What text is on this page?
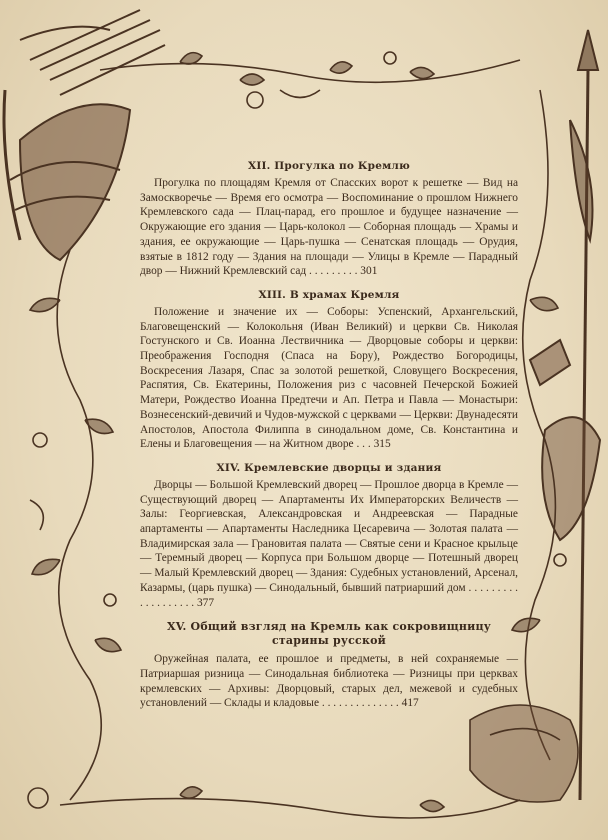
XII. Прогулка по Кремлю

Прогулка по площадям Кремля от Спасских ворот к решетке — Вид на Замоскворечье — Время его осмотра — Воспоминание о прошлом Нижнего Кремлевского сада — Плац-парад, его прошлое и будущее назначение — Окружающие его здания — Царь-колокол — Соборная площадь — Храмы и здания, ее окружающие — Царь-пушка — Сенатская площадь — Орудия, взятые в 1812 году — Здания на площади — Улицы в Кремле — Парадный двор — Нижний Кремлевский сад . . . . . . . . . 301

XIII. В храмах Кремля

Положение и значение их — Соборы: Успенский, Архангельский, Благовещенский — Колокольня (Иван Великий) и церкви Св. Николая Гостунского и Св. Иоанна Лествичника — Дворцовые соборы и церкви: Преображения Господня (Спаса на Бору), Рождество Богородицы, Воскресения Лазаря, Спас за золотой решеткой, Словущего Воскресения, Распятия, Св. Екатерины, Положения риз с часовней Печерской Божией Матери, Рождество Иоанна Предтечи и Ап. Петра и Павла — Монастыри: Вознесенский-девичий и Чудов-мужской с церквами — Церкви: Двунадесяти Апостолов, Апостола Филиппа в синодальном доме, Св. Константина и Елены и Благовещения — на Житном дворе . . . 315

XIV. Кремлевские дворцы и здания

Дворцы — Большой Кремлевский дворец — Прошлое дворца в Кремле — Существующий дворец — Апартаменты Их Императорских Величеств — Залы: Георгиевская, Александровская и Андреевская — Парадные апартаменты — Апартаменты Наследника Цесаревича — Золотая палата — Владимирская зала — Грановитая палата — Святые сени и Красное крыльце — Теремный дворец — Корпуса при Большом дворце — Потешный дворец — Малый Кремлевский дворец — Здания: Судебных установлений, Арсенал, Казармы, (царь пушка) — Синодальный, бывший патриарший дом . . . . . . . . . . . . . . . . . . . 377

XV. Общий взгляд на Кремль как сокровищницу старины русской

Оружейная палата, ее прошлое и предметы, в ней сохраняемые — Патриаршая ризница — Синодальная библиотека — Ризницы при церквах кремлевских — Архивы: Дворцовый, старых дел, межевой и судебных установлений — Склады и кладовые . . . . . . . . . . . . . . 417
